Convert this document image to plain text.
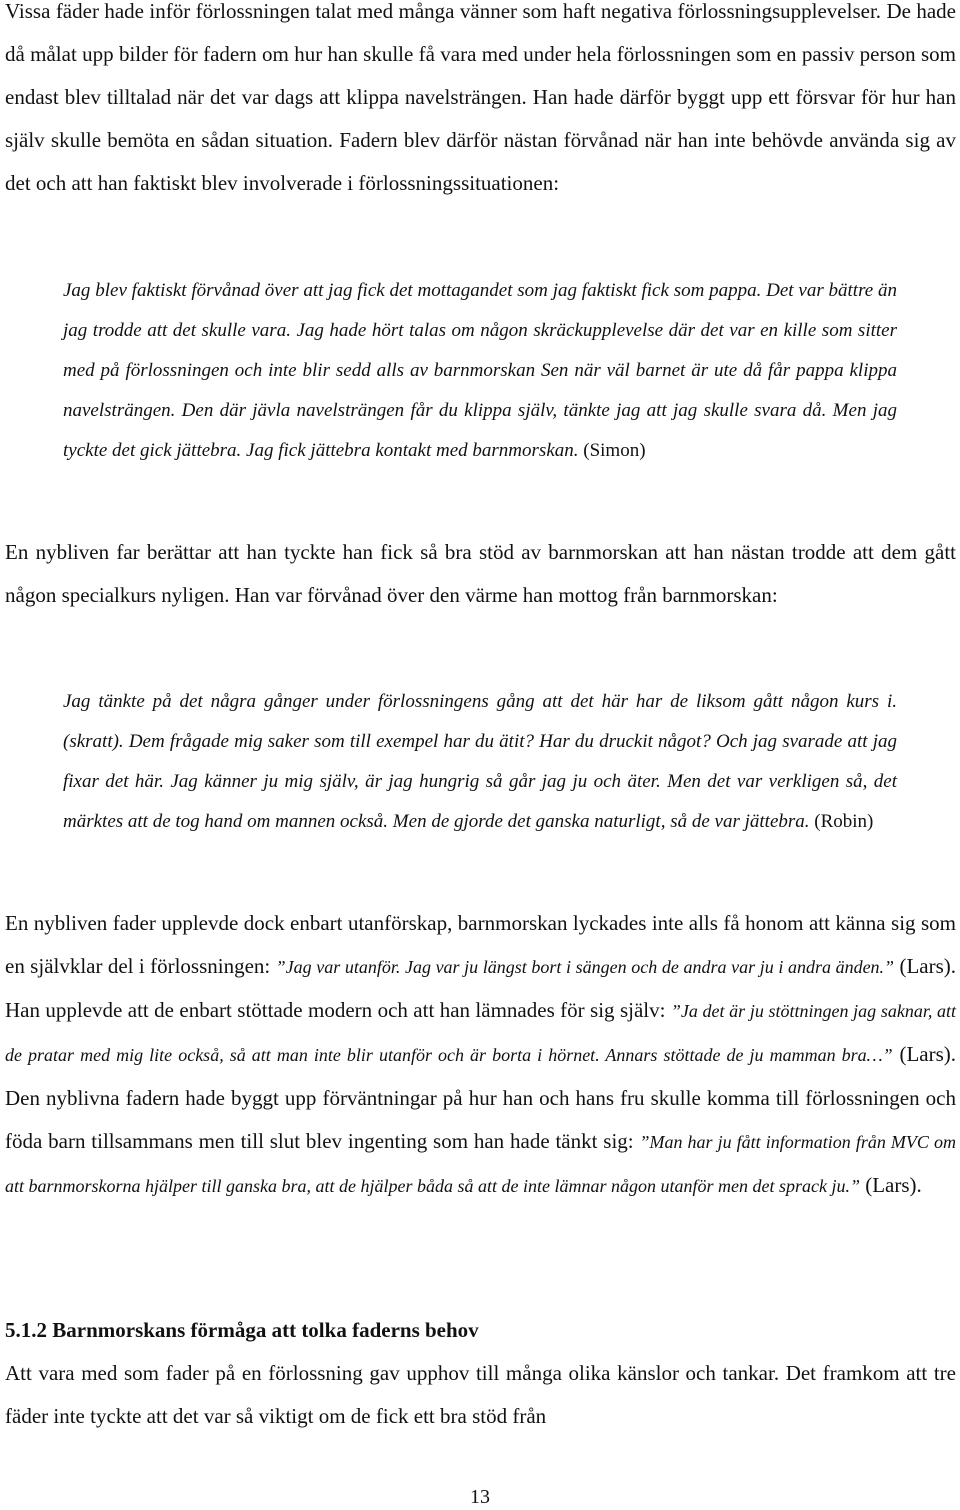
Vissa fäder hade inför förlossningen talat med många vänner som haft negativa förlossningsupplevelser. De hade då målat upp bilder för fadern om hur han skulle få vara med under hela förlossningen som en passiv person som endast blev tilltalad när det var dags att klippa navelsträngen. Han hade därför byggt upp ett försvar för hur han själv skulle bemöta en sådan situation. Fadern blev därför nästan förvånad när han inte behövde använda sig av det och att han faktiskt blev involverade i förlossningssituationen:

Jag blev faktiskt förvånad över att jag fick det mottagandet som jag faktiskt fick som pappa. Det var bättre än jag trodde att det skulle vara. Jag hade hört talas om någon skräckupplevelse där det var en kille som sitter med på förlossningen och inte blir sedd alls av barnmorskan Sen när väl barnet är ute då får pappa klippa navelsträngen. Den där jävla navelsträngen får du klippa själv, tänkte jag att jag skulle svara då. Men jag tyckte det gick jättebra. Jag fick jättebra kontakt med barnmorskan. (Simon)

En nybliven far berättar att han tyckte han fick så bra stöd av barnmorskan att han nästan trodde att dem gått någon specialkurs nyligen. Han var förvånad över den värme han mottog från barnmorskan:

Jag tänkte på det några gånger under förlossningens gång att det här har de liksom gått någon kurs i. (skratt). Dem frågade mig saker som till exempel har du ätit? Har du druckit något? Och jag svarade att jag fixar det här. Jag känner ju mig själv, är jag hungrig så går jag ju och äter. Men det var verkligen så, det märktes att de tog hand om mannen också. Men de gjorde det ganska naturligt, så de var jättebra. (Robin)

En nybliven fader upplevde dock enbart utanförskap, barnmorskan lyckades inte alls få honom att känna sig som en självklar del i förlossningen: ”Jag var utanför. Jag var ju längst bort i sängen och de andra var ju i andra änden.” (Lars). Han upplevde att de enbart stöttade modern och att han lämnades för sig själv: ”Ja det är ju stöttningen jag saknar, att de pratar med mig lite också, så att man inte blir utanför och är borta i hörnet. Annars stöttade de ju mamman bra…” (Lars). Den nyblivna fadern hade byggt upp förväntningar på hur han och hans fru skulle komma till förlossningen och föda barn tillsammans men till slut blev ingenting som han hade tänkt sig: ”Man har ju fått information från MVC om att barnmorskorna hjälper till ganska bra, att de hjälper båda så att de inte lämnar någon utanför men det sprack ju.” (Lars).

5.1.2 Barnmorskans förmåga att tolka faderns behov

Att vara med som fader på en förlossning gav upphov till många olika känslor och tankar. Det framkom att tre fäder inte tyckte att det var så viktigt om de fick ett bra stöd från

13
